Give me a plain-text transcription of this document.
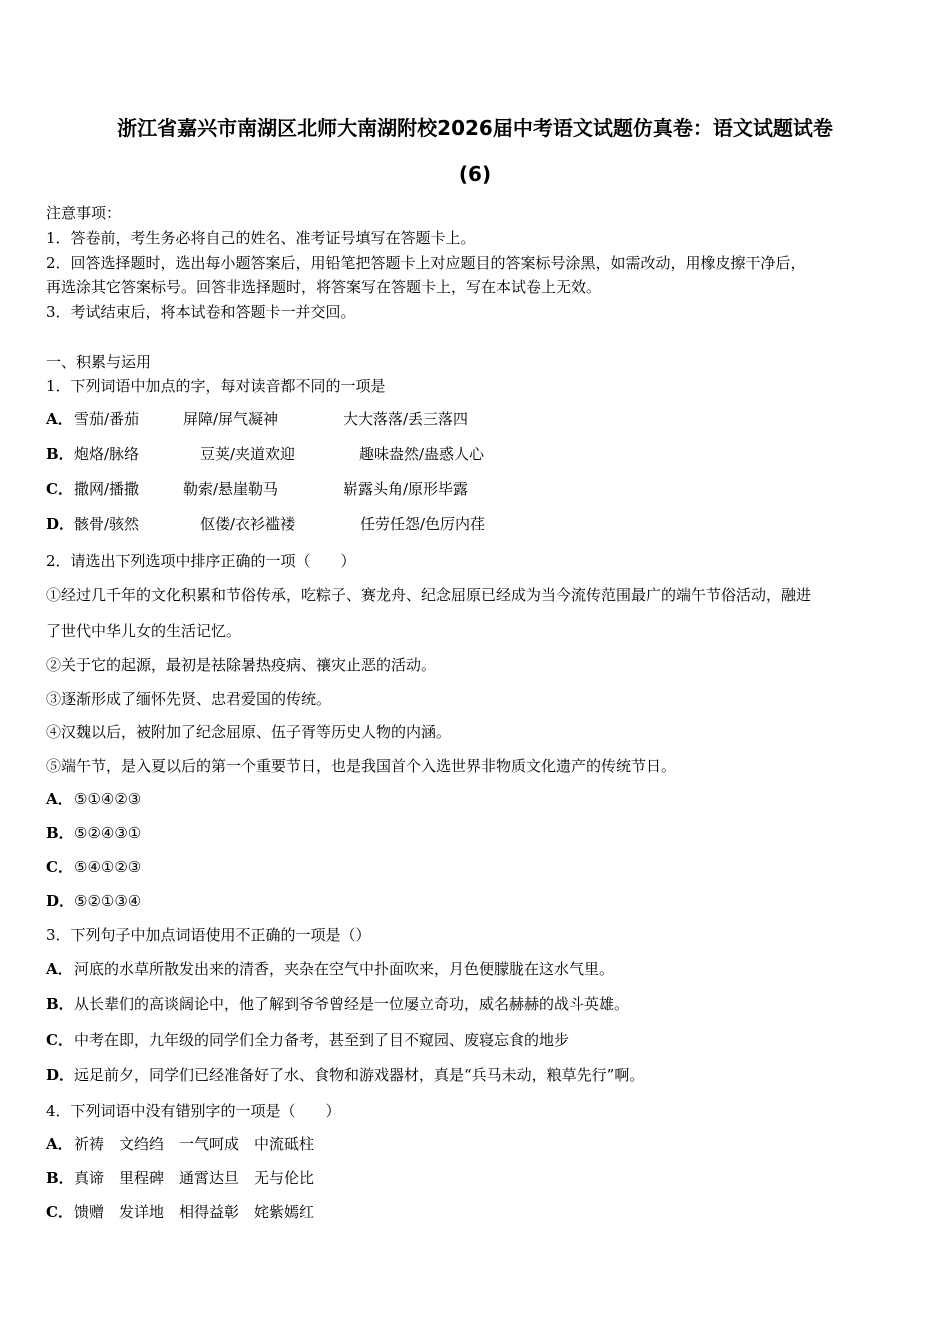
浙江省嘉兴市南湖区北师大南湖附校2026届中考语文试题仿真卷：语文试题试卷
(6)
注意事项：
1．答卷前，考生务必将自己的姓名、准考证号填写在答题卡上。
2．回答选择题时，选出每小题答案后，用铅笔把答题卡上对应题目的答案标号涂黑，如需改动，用橡皮擦干净后，
再选涂其它答案标号。回答非选择题时，将答案写在答题卡上，写在本试卷上无效。
3．考试结束后，将本试卷和答题卡一并交回。
一、积累与运用
1．下列词语中加点的字，每对读音都不同的一项是
A．雪茄/番茄	屏障/屏气凝神	大大落落/丢三落四
B．炮烙/脉络	豆荚/夹道欢迎	趣味盎然/蛊惑人心
C．撒网/播撒	勒索/悬崖勒马	崭露头角/原形毕露
D．骸骨/骇然	伛偻/衣衫褴褛	任劳任怨/色厉内荏
2．请选出下列选项中排序正确的一项（　　）
①经过几千年的文化积累和节俗传承，吃粽子、赛龙舟、纪念屈原已经成为当今流传范围最广的端午节俗活动，融进
了世代中华儿女的生活记忆。
②关于它的起源，最初是祛除暑热疫病、禳灾止恶的活动。
③逐渐形成了缅怀先贤、忠君爱国的传统。
④汉魏以后，被附加了纪念屈原、伍子胥等历史人物的内涵。
⑤端午节，是入夏以后的第一个重要节日，也是我国首个入选世界非物质文化遗产的传统节日。
A．⑤①④②③
B．⑤②④③①
C．⑤④①②③
D．⑤②①③④
3．下列句子中加点词语使用不正确的一项是（）
A．河底的水草所散发出来的清香，夹杂在空气中扑面吹来，月色便朦胧在这水气里。
B．从长辈们的高谈阔论中，他了解到爷爷曾经是一位屡立奇功，威名赫赫的战斗英雄。
C．中考在即，九年级的同学们全力备考，甚至到了目不窥园、废寝忘食的地步
D．远足前夕，同学们已经准备好了水、食物和游戏器材，真是“兵马未动，粮草先行”啊。
4．下列词语中没有错别字的一项是（　　）
A．祈祷　文绉绉　一气呵成　中流砥柱
B．真谛　里程碑　通霄达旦　无与伦比
C．馈赠　发详地　相得益彰　姹紫嫣红
